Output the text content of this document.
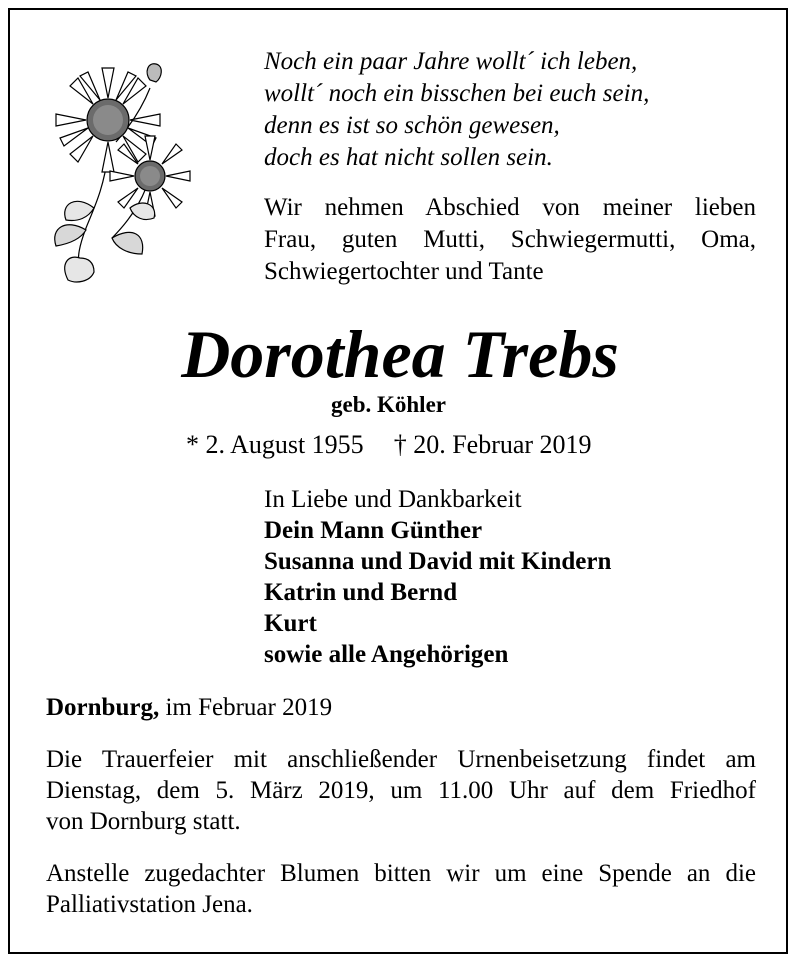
Noch ein paar Jahre wollt´ ich leben,
wollt´ noch ein bisschen bei euch sein,
denn es ist so schön gewesen,
doch es hat nicht sollen sein.
Wir nehmen Abschied von meiner lieben
Frau, guten Mutti, Schwiegermutti, Oma,
Schwiegertochter und Tante
Dorothea Trebs
geb. Köhler
* 2. August 1955 † 20. Februar 2019
In Liebe und Dankbarkeit
Dein Mann Günther
Susanna und David mit Kindern
Katrin und Bernd
Kurt
sowie alle Angehörigen
Dornburg, im Februar 2019
Die Trauerfeier mit anschließender Urnenbeisetzung findet am
Dienstag, dem 5. März 2019, um 11.00 Uhr auf dem Friedhof
von Dornburg statt.
Anstelle zugedachter Blumen bitten wir um eine Spende an die
Palliativstation Jena.
